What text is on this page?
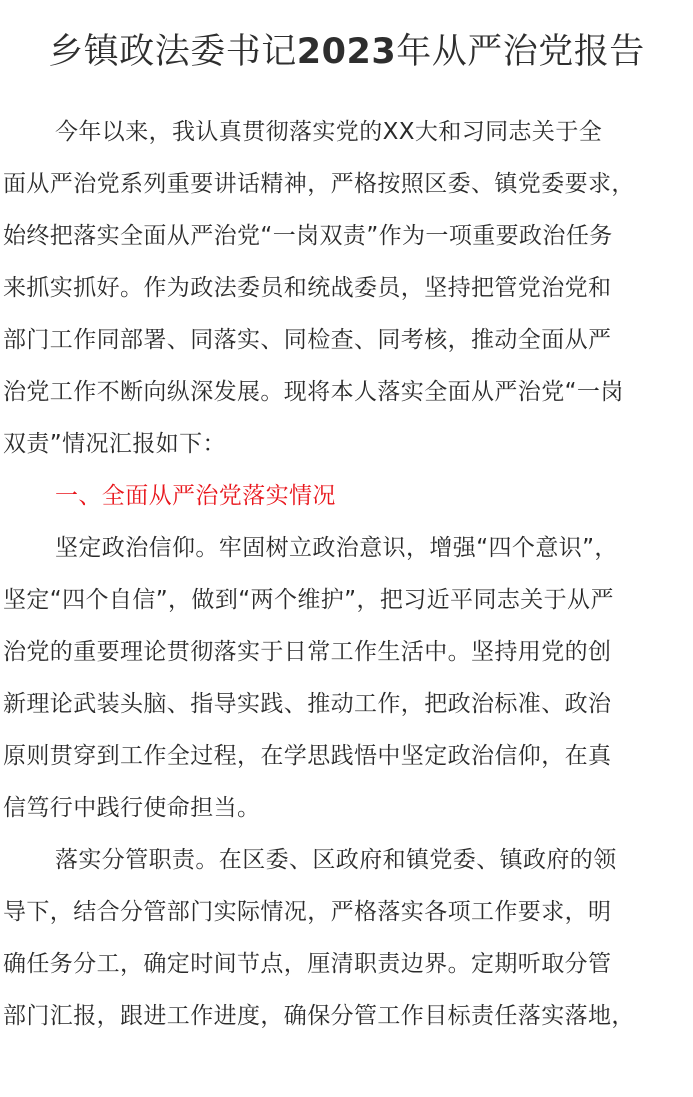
乡镇政法委书记2023年从严治党报告
今年以来，我认真贯彻落实党的XX大和习同志关于全
面从严治党系列重要讲话精神，严格按照区委、镇党委要求，
始终把落实全面从严治党“一岗双责”作为一项重要政治任务
来抓实抓好。作为政法委员和统战委员，坚持把管党治党和
部门工作同部署、同落实、同检查、同考核，推动全面从严
治党工作不断向纵深发展。现将本人落实全面从严治党“一岗
双责”情况汇报如下：
一、全面从严治党落实情况
坚定政治信仰。牢固树立政治意识，增强“四个意识”，
坚定“四个自信”，做到“两个维护”，把习近平同志关于从严
治党的重要理论贯彻落实于日常工作生活中。坚持用党的创
新理论武装头脑、指导实践、推动工作，把政治标准、政治
原则贯穿到工作全过程，在学思践悟中坚定政治信仰，在真
信笃行中践行使命担当。
落实分管职责。在区委、区政府和镇党委、镇政府的领
导下，结合分管部门实际情况，严格落实各项工作要求，明
确任务分工，确定时间节点，厘清职责边界。定期听取分管
部门汇报，跟进工作进度，确保分管工作目标责任落实落地，
